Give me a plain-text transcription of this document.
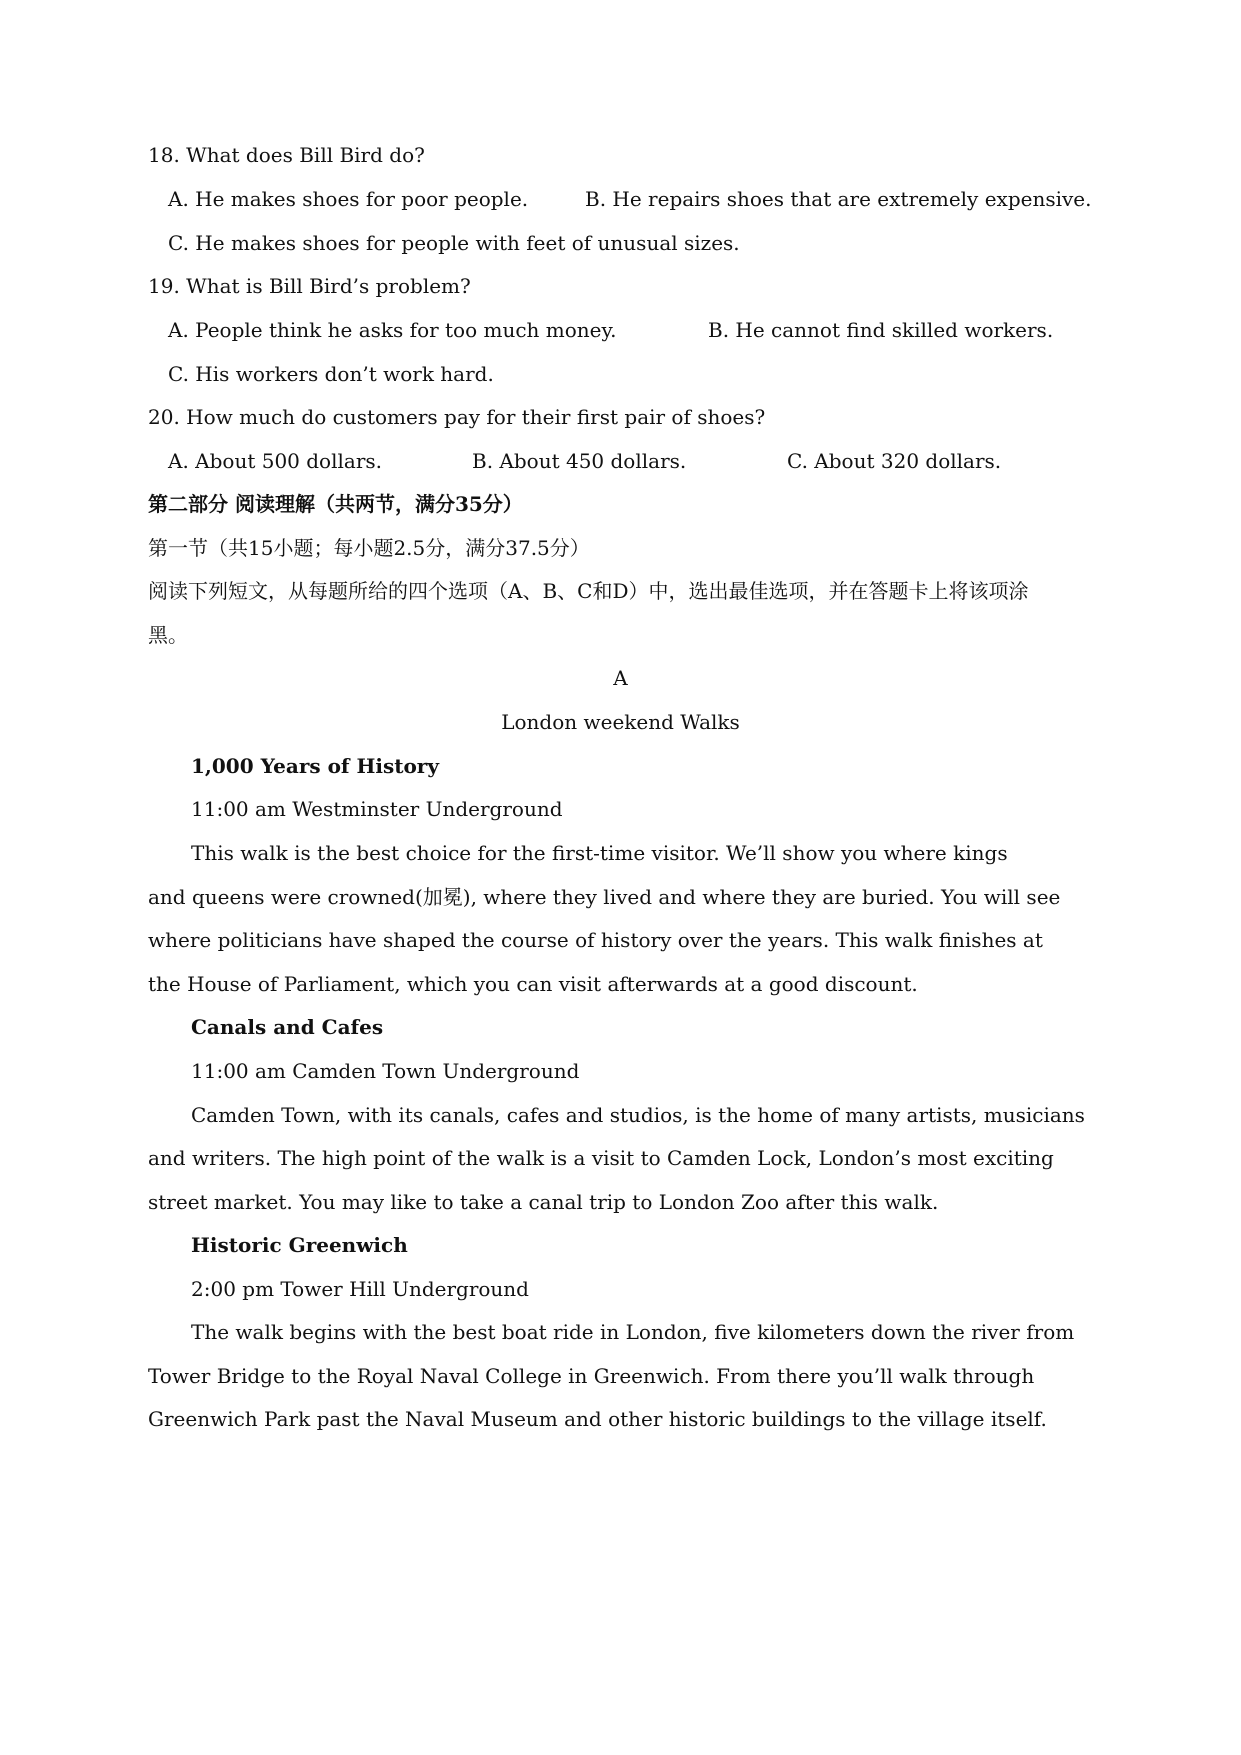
18. What does Bill Bird do?
A. He makes shoes for poor people.	B. He repairs shoes that are extremely expensive.
C. He makes shoes for people with feet of unusual sizes.
19. What is Bill Bird’s problem?
A. People think he asks for too much money.	B. He cannot find skilled workers.
C. His workers don’t work hard.
20. How much do customers pay for their first pair of shoes?
A. About 500 dollars.	B. About 450 dollars.	C. About 320 dollars.
第二部分 阅读理解（共两节，满分35分）
第一节（共15小题；每小题2.5分，满分37.5分）
阅读下列短文，从每题所给的四个选项（A、B、C和D）中，选出最佳选项，并在答题卡上将该项涂
黑。
A
London weekend Walks
1,000 Years of History
11:00 am Westminster Underground
This walk is the best choice for the first-time visitor. We’ll show you where kings
and queens were crowned(加冕), where they lived and where they are buried. You will see
where politicians have shaped the course of history over the years. This walk finishes at
the House of Parliament, which you can visit afterwards at a good discount.
Canals and Cafes
11:00 am Camden Town Underground
Camden Town, with its canals, cafes and studios, is the home of many artists, musicians
and writers. The high point of the walk is a visit to Camden Lock, London’s most exciting
street market. You may like to take a canal trip to London Zoo after this walk.
Historic Greenwich
2:00 pm Tower Hill Underground
The walk begins with the best boat ride in London, five kilometers down the river from
Tower Bridge to the Royal Naval College in Greenwich. From there you’ll walk through
Greenwich Park past the Naval Museum and other historic buildings to the village itself.
